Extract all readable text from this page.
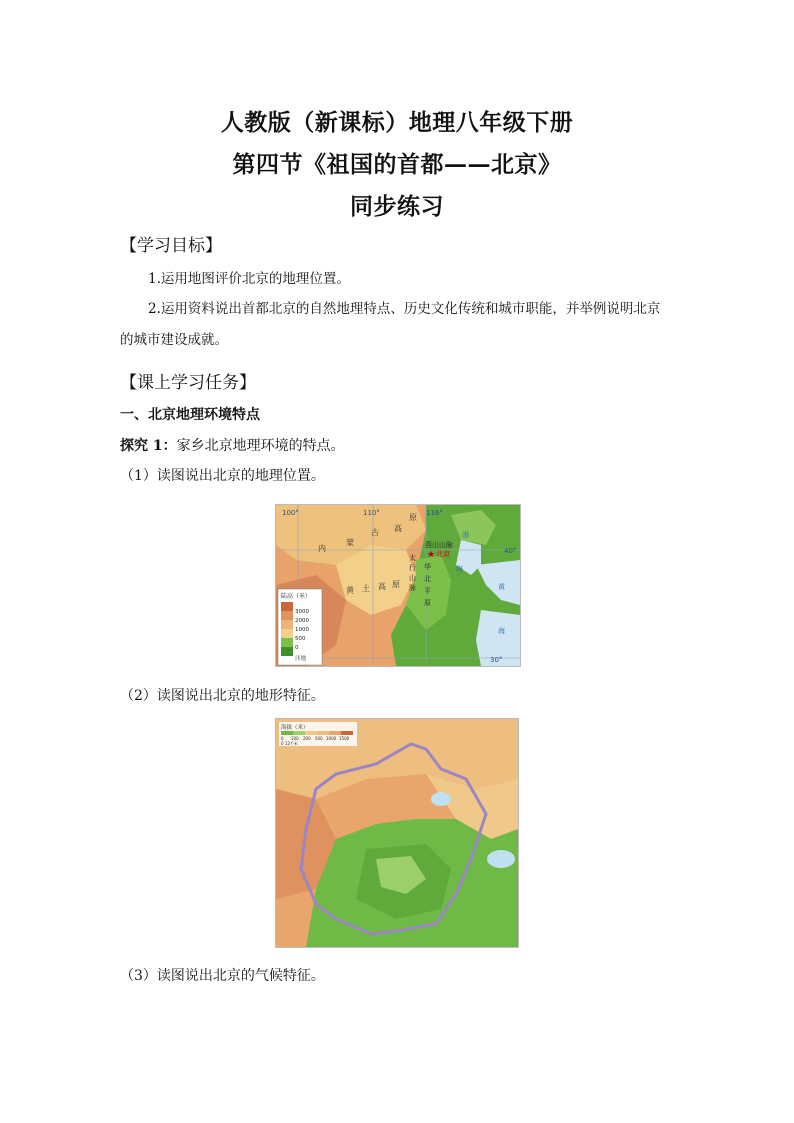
人教版（新课标）地理八年级下册
第四节《祖国的首都——北京》
同步练习
【学习目标】
1.运用地图评价北京的地理位置。
2.运用资料说出首都北京的自然地理特点、历史文化传统和城市职能，并举例说明北京
的城市建设成就。
【课上学习任务】
一、北京地理环境特点
探究 1：家乡北京地理环境的特点。
（1）读图说出北京的地理位置。
100°	110°	116°
40°
30°
内
蒙
古 高
原
黄 土 高 原
太
行
山
脉
燕山山脉
华
北
平
原
★ 北京
渤
海
黄
海
陆高（米）
3000
2000
1000
500
0
洼地
（2）读图说出北京的地形特征。
海拔（米）
0 100 200 500 1000 1500
0 12千米
（3）读图说出北京的气候特征。
